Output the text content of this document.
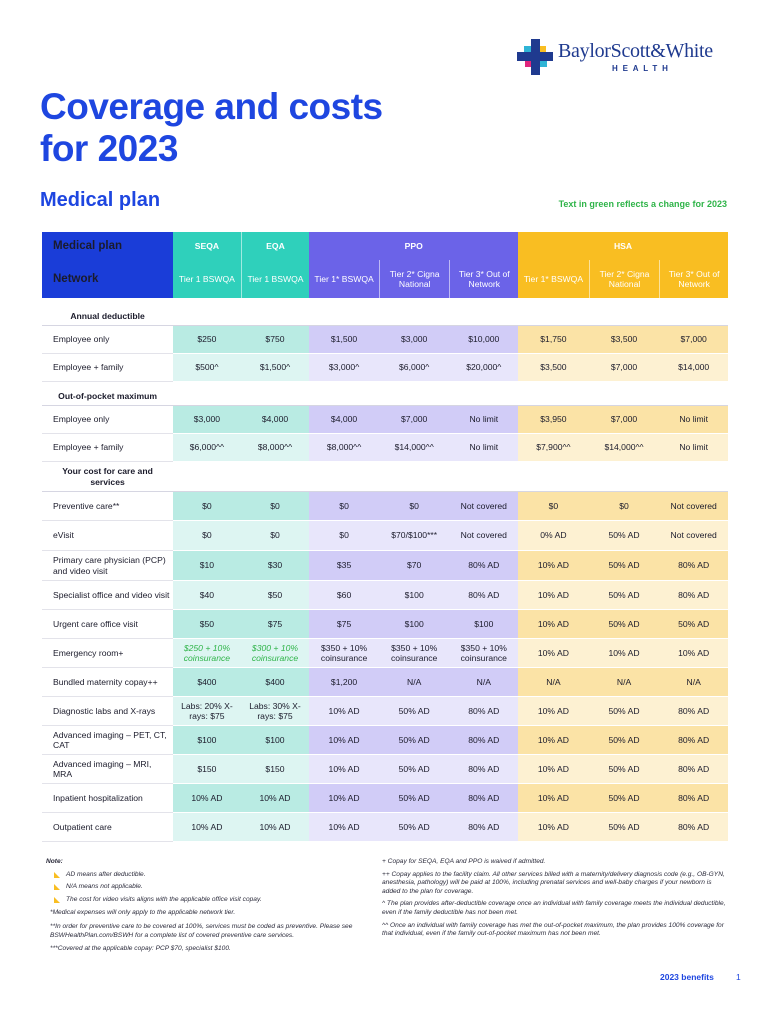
BaylorScott&White
HEALTH
Coverage and costs
for 2023
Medical plan	Text in green reflects a change for 2023
Medical plan	SEQA	EQA	PPO			HSA		
Network	Tier 1 BSWQA	Tier 1 BSWQA	Tier 1* BSWQA	Tier 2* Cigna National	Tier 3* Out of Network	Tier 1* BSWQA	Tier 2* Cigna National	Tier 3* Out of Network

Annual deductible								
Employee only	$250	$750	$1,500	$3,000	$10,000	$1,750	$3,500	$7,000
Employee + family	$500^	$1,500^	$3,000^	$6,000^	$20,000^	$3,500	$7,000	$14,000

Out-of-pocket maximum								
Employee only	$3,000	$4,000	$4,000	$7,000	No limit	$3,950	$7,000	No limit
Employee + family	$6,000^^	$8,000^^	$8,000^^	$14,000^^	No limit	$7,900^^	$14,000^^	No limit
Your cost for care and services								
Preventive care**	$0	$0	$0	$0	Not covered	$0	$0	Not covered
eVisit	$0	$0	$0	$70/$100***	Not covered	0% AD	50% AD	Not covered
Primary care physician (PCP) and video visit	$10	$30	$35	$70	80% AD	10% AD	50% AD	80% AD
Specialist office and video visit	$40	$50	$60	$100	80% AD	10% AD	50% AD	80% AD
Urgent care office visit	$50	$75	$75	$100	$100	10% AD	50% AD	50% AD
Emergency room+	$250 + 10% coinsurance	$300 + 10% coinsurance	$350 + 10% coinsurance	$350 + 10% coinsurance	$350 + 10% coinsurance	10% AD	10% AD	10% AD
Bundled maternity copay++	$400	$400	$1,200	N/A	N/A	N/A	N/A	N/A
Diagnostic labs and X-rays	Labs: 20% X-rays: $75	Labs: 30% X-rays: $75	10% AD	50% AD	80% AD	10% AD	50% AD	80% AD
Advanced imaging – PET, CT, CAT	$100	$100	10% AD	50% AD	80% AD	10% AD	50% AD	80% AD
Advanced imaging – MRI, MRA	$150	$150	10% AD	50% AD	80% AD	10% AD	50% AD	80% AD
Inpatient hospitalization	10% AD	10% AD	10% AD	50% AD	80% AD	10% AD	50% AD	80% AD
Outpatient care	10% AD	10% AD	10% AD	50% AD	80% AD	10% AD	50% AD	80% AD
Note:
AD means after deductible.
N/A means not applicable.
The cost for video visits aligns with the applicable office visit copay.
*Medical expenses will only apply to the applicable network tier.
**In order for preventive care to be covered at 100%, services must be coded as preventive. Please see BSWHealthPlan.com/BSWH for a complete list of covered preventive care services.
***Covered at the applicable copay: PCP $70, specialist $100.

+ Copay for SEQA, EQA and PPO is waived if admitted.

++ Copay applies to the facility claim. All other services billed with a maternity/delivery diagnosis code (e.g., OB-GYN, anesthesia, pathology) will be paid at 100%, including prenatal services and well-baby charges if your newborn is added to the plan for coverage.

^ The plan provides after-deductible coverage once an individual with family coverage meets the individual deductible, even if the family deductible has not been met.

^^ Once an individual with family coverage has met the out-of-pocket maximum, the plan provides 100% coverage for that individual, even if the family out-of-pocket maximum has not been met.

2023 benefits	1
